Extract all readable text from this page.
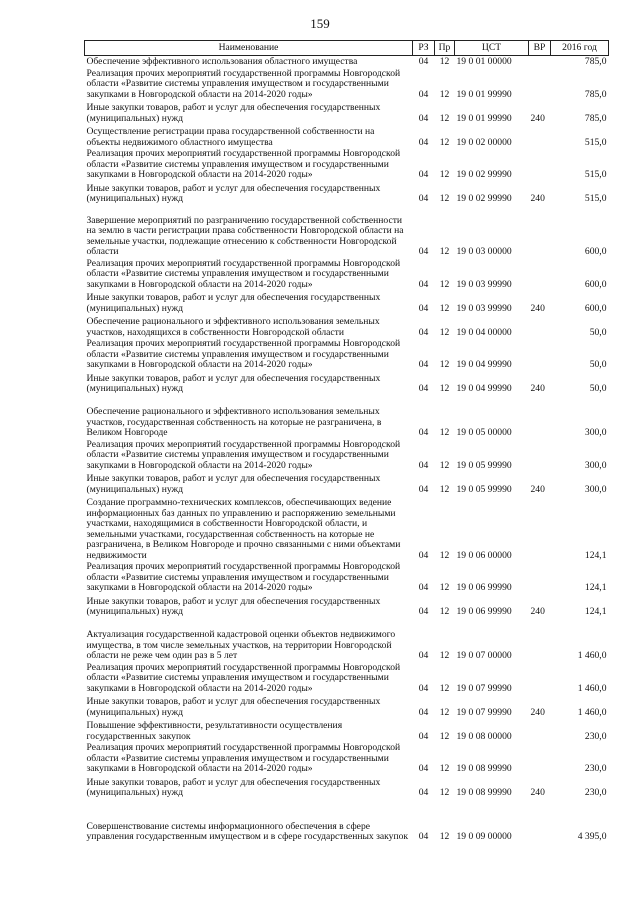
159
Наименование	РЗ	Пр	ЦСТ	ВР	2016 год
Обеспечение эффективного использования областного имущества	04	12	19 0 01 00000		785,0
Реализация прочих мероприятий государственной программы Новгородской области «Развитие системы управления имуществом и государственными закупками в Новгородской области на 2014-2020 годы»	04	12	19 0 01 99990		785,0
Иные закупки товаров, работ и услуг для обеспечения государственных (муниципальных) нужд	04	12	19 0 01 99990	240	785,0
Осуществление регистрации права государственной собственности на объекты недвижимого областного имущества	04	12	19 0 02 00000		515,0
Реализация прочих мероприятий государственной программы Новгородской области «Развитие системы управления имуществом и государственными закупками в Новгородской области на 2014-2020 годы»	04	12	19 0 02 99990		515,0
Иные закупки товаров, работ и услуг для обеспечения государственных (муниципальных) нужд	04	12	19 0 02 99990	240	515,0
Завершение мероприятий по разграничению государственной собственности на землю в части регистрации права собственности Новгородской области на земельные участки, подлежащие отнесению к собственности Новгородской области	04	12	19 0 03 00000		600,0
Реализация прочих мероприятий государственной программы Новгородской области «Развитие системы управления имуществом и государственными закупками в Новгородской области на 2014-2020 годы»	04	12	19 0 03 99990		600,0
Иные закупки товаров, работ и услуг для обеспечения государственных (муниципальных) нужд	04	12	19 0 03 99990	240	600,0
Обеспечение рационального и эффективного использования земельных участков, находящихся в собственности Новгородской области	04	12	19 0 04 00000		50,0
Реализация прочих мероприятий государственной программы Новгородской области «Развитие системы управления имуществом и государственными закупками в Новгородской области на 2014-2020 годы»	04	12	19 0 04 99990		50,0
Иные закупки товаров, работ и услуг для обеспечения государственных (муниципальных) нужд	04	12	19 0 04 99990	240	50,0
Обеспечение рационального и эффективного использования земельных участков, государственная собственность на которые не разграничена, в Великом Новгороде	04	12	19 0 05 00000		300,0
Реализация прочих мероприятий государственной программы Новгородской области «Развитие системы управления имуществом и государственными закупками в Новгородской области на 2014-2020 годы»	04	12	19 0 05 99990		300,0
Иные закупки товаров, работ и услуг для обеспечения государственных (муниципальных) нужд	04	12	19 0 05 99990	240	300,0
Создание программно-технических комплексов, обеспечивающих ведение информационных баз данных по управлению и распоряжению земельными участками, находящимися в собственности Новгородской области, и земельными участками, государственная собственность на которые не разграничена, в Великом Новгороде и прочно связанными с ними объектами недвижимости	04	12	19 0 06 00000		124,1
Реализация прочих мероприятий государственной программы Новгородской области «Развитие системы управления имуществом и государственными закупками в Новгородской области на 2014-2020 годы»	04	12	19 0 06 99990		124,1
Иные закупки товаров, работ и услуг для обеспечения государственных (муниципальных) нужд	04	12	19 0 06 99990	240	124,1
Актуализация государственной кадастровой оценки объектов недвижимого имущества, в том числе земельных участков, на территории Новгородской области не реже чем один раз в 5 лет	04	12	19 0 07 00000		1 460,0
Реализация прочих мероприятий государственной программы Новгородской области «Развитие системы управления имуществом и государственными закупками в Новгородской области на 2014-2020 годы»	04	12	19 0 07 99990		1 460,0
Иные закупки товаров, работ и услуг для обеспечения государственных (муниципальных) нужд	04	12	19 0 07 99990	240	1 460,0
Повышение эффективности, результативности осуществления государственных закупок	04	12	19 0 08 00000		230,0
Реализация прочих мероприятий государственной программы Новгородской области «Развитие системы управления имуществом и государственными закупками в Новгородской области на 2014-2020 годы»	04	12	19 0 08 99990		230,0
Иные закупки товаров, работ и услуг для обеспечения государственных (муниципальных) нужд	04	12	19 0 08 99990	240	230,0
Совершенствование системы информационного обеспечения в сфере управления государственным имуществом и в сфере государственных закупок	04	12	19 0 09 00000		4 395,0
